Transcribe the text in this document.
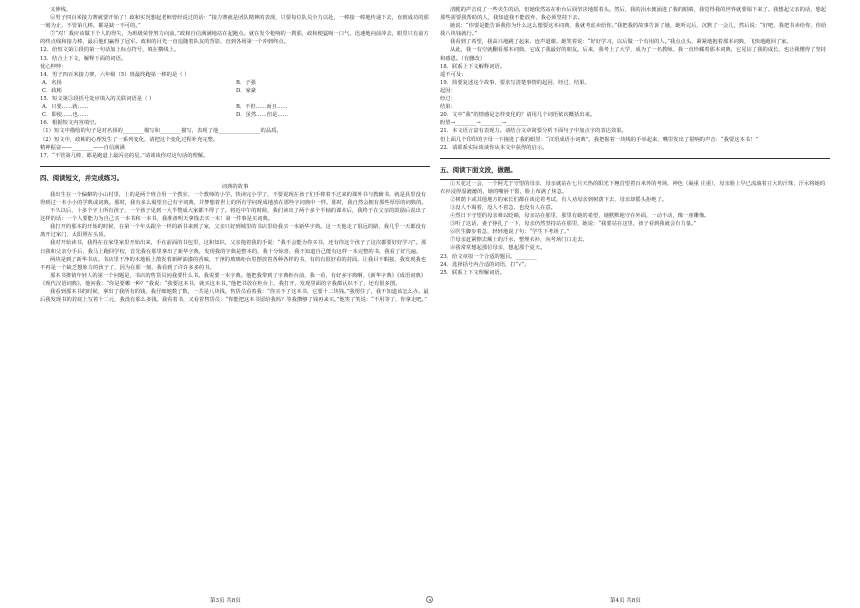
又伸线。

⑥男子四百米接力赛就要开始了！政和实况想起老师曾经说过的话：“接力赛就是团队精神的表现，只要每位队员全力以赴，一棒接一棒地传递下去，直到成功的那一刻为止，不管第几棒，都是缺一不可的。”

⑦“对！我应该做下个人的得失，为班级荣誉努力向前。”政和自信满满地站在起跑点。就在发令枪响的一刹那，政和便猛吸一口气，迅速地向前冲去，眼里只有前方的终点线和接力棒，最后他们赢得了冠军。政和的目光一直追随着队友的背影，直到各场第一个冲到终点。

12．给短文第①段的第一句话加上标点符号，填在横线上。

13．结合上下文，解释下面的词语。

忧心忡忡：

14．男子四百米接力赛，六年级（5）班最终跑第一棒的是（ ）

A．名扬	B．子强
C．政彬	D．家豪

15．短文第⑤段括号处应填入的关联词语是（ ）

A．只要……就……	B．不但……而且……
C．即使……也……	D．虽然……但是……

16．根据短文内容填空。

（1）短文中描绘的句子是对名扬的________描写和________描写，表现了他________________的品质。

（2）短文中，政彬的心理发生了一系列变化，请把这个变化过程补充完整。

精神振奋——________——自信满满

17．“不管第几棒，都是跑道上最闪亮的星。”请谈谈你对这句话的理解。

四、阅读短文，并完成练习。
词典的故事

我出生在一个偏僻的小山村里，上的是两个班合用一个教室、一个教师的小学。快读完小学了，不要说现在孩子们手捧着不过来的课外书与教辅书，就是县里没有得到过一本小小的学典或词典。那时，我有多么渴望自己有字词典，并梦想着世上的所有学问现成地放在那些字词典中一样。那时，我自然会拥有那些厚厚的词典的。

不久以后，十多个字上所有孩子，一个孩子见到一大半赞成大家都不得了了。将近中午的时候，我们读出了两个多个半轴的课本后，我终于在父亲的鼓励后说出了这样的话：一个人要能力为自己买一本书和一本书，我准备明天拿钱去买一本！第一件事是买词典。

我打开的那本的开始的时候，在第一个年头跟全一样的新书来到了家，父亲只好到城里的书店里给我买一本新华字典。这一天他走了很远的路，我几乎一天都没有离开过家门，太阳照在头顶。

我对开始读书，我得在在家里家里开始出来，手在前面的书包里，这和知识，父亲拖着我的手说：“我不会能为你买书，还有你这个孩子了这次都要好好学习”。那日我和父亲分手后，我马上跑回学校，首先我在那里拿出了新华字典，发现我的字典是整本的，我十分惊喜，我不知道自己能有这样一本完整的书，我看了好几遍。

两块是到了新华书店。书店里干净的木地板上散发着新鲜油漆的香味，干净的玻璃柜台里摆放着各种各样的书，有的有很好看的封面，让我目不暇接，我发现我也不再是一个缺乏想象力的孩子了，因为在那一刻，我看到了许许多多的书。

那本书推销年轻人的第一个问题是，书店的售货员问我要什么书。我说要一本字典。他把我带到了字典柜台前，我一看，有好多字典啊，《新华字典》《成语词典》《现代汉语词典》，他问我：“你是要哪一种？”我说：“我要这本书，就买这本书。”他把书放在柜台上，我打开，发现里面的字我都认识不了，还有很多图。

我看到那本书的时候，拿出了我所有的钱，我仔细地数了数，一共是八块钱。售货员看着我：“你买不了这本书，它要十二块钱。”我愣住了，我不知道该怎么办。最后我发现书的封底上写着十二元，我没有那么多钱。我看着书，又看着售货员：“你能把这本书留给我吗？等我攒够了钱再来买。”他笑了笑说：“不用等了，你拿走吧。”

清脆的声音说了一些夹生的话，但她依然站在柜台后面坚决地摇着头。然后，我的泪水便涌进了我的眼睛，我觉得我的世界就要塌下来了。我想起父亲的话，想起那些需要我帮助的人，我知道我不能放弃，我必须坚持下去。

她说：“你要是能告诉我你为什么这么想要这本词典，我就考虑卖给你。”我把我的故事告诉了她，她听完后，沉默了一会儿，然后说：“好吧，我把书卖给你，你给我八块钱就行。”

我看到了希望，我高兴地跳了起来，连声道谢。她笑着说：“好好学习，以后做一个有用的人。”我点点头，紧紧地抱着那本词典，飞快地跑回了家。

从此，我一有空就翻看那本词典，它成了我最好的朋友。后来，我考上了大学，成为了一名教师。我一直珍藏着那本词典，它见证了我的成长，也让我懂得了坚持和感恩。（有删改）

18．联系上下文解释词语。

遥不可及：

19．简要复述这个故事，要求写清楚事情的起因、经过、结果。

起因：

经过：

结果：

20．文中“我”的情感是怎样变化的？请用几个词语依次概括出来。

盼望→________→________→________

21．本文语言富有表现力。请结合文章简要分析下面句子中加点字的表达效果。

但上面几个印印的字母一下撞进了我的眼里：“汉语成语小词典”。我把握着一块线的手举起来，嘴里发出了很响的声音：“我要这本书！”

22．请联系实际谈谈你从本文中获得的启示。

五、阅读下面文段，做题。

①天花过一会，一个阿尤于守望的母亲，母亲就站在七月天热的阳光下翘首望着百米外的考场，神色（凝重 庄重），母亲脸上早已流淌着豆大的汗珠，汗水将她的衣衫浸得湿漉漉的，她的嘴唇干裂，脸上布满了焦急。

②树荫下或其他地方的家长们都在谈论着考试，有人劝母亲到树荫下去，母亲却摇头拒绝了。

③没人不渴着，没人不着急，也没有人在意。

④烈日下守望的母亲难以眨睛，母亲站在那里，那里有她的希望，她默默地守在外面，一动不动，像一座雕像。

⑤听了这话，妻子挣扎了一下，母亲仍然坚持站在那里，她说：“我要站在这里，孩子看到我就会有力量。”

⑥医生脚步着急，轻轻地说了句：“学生下考场了。”

⑦母亲赶紧擦去额上的汗水，整理衣衫，向考场门口走去。

⑧我常常想起那位母亲，想起那个夏天。

23．给文章拟一个合适的题目。________

24．选择括号内合适的词语，打“√”。

25．联系上下文理解词语。

第3页 共8页	第4页 共8页
